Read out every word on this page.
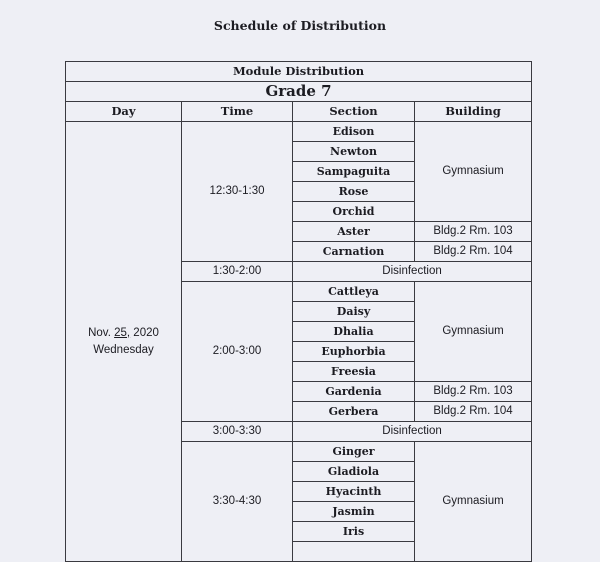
Schedule of Distribution
Module Distribution			
Grade 7			
Day	Time	Section	Building
Nov. 25, 2020
Wednesday	12:30-1:30	Edison	Gymnasium
		Newton	
		Sampaguita	
		Rose	
		Orchid	
		Aster	Bldg.2 Rm. 103
		Carnation	Bldg.2 Rm. 104
	1:30-2:00	Disinfection	
	2:00-3:00	Cattleya	Gymnasium
		Daisy	
		Dhalia	
		Euphorbia	
		Freesia	
		Gardenia	Bldg.2 Rm. 103
		Gerbera	Bldg.2 Rm. 104
	3:00-3:30	Disinfection	
	3:30-4:30	Ginger	Gymnasium
		Gladiola	
		Hyacinth	
		Jasmin	
		Iris	
